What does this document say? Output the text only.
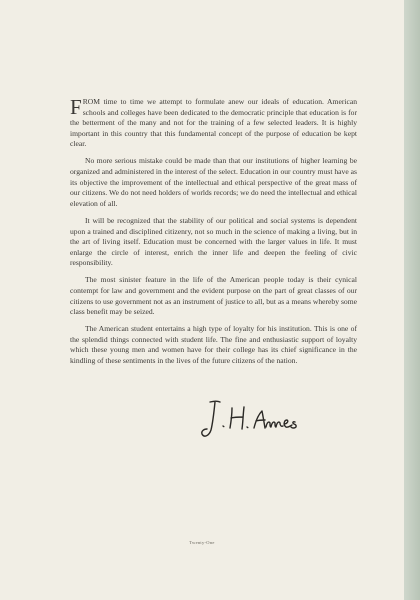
FROM time to time we attempt to formulate anew our ideals of education. American schools and colleges have been dedicated to the democratic principle that education is for the betterment of the many and not for the training of a few selected leaders. It is highly important in this country that this fundamental concept of the purpose of education be kept clear.

No more serious mistake could be made than that our institutions of higher learning be organized and administered in the interest of the select. Education in our country must have as its objective the improvement of the intellectual and ethical perspective of the great mass of our citizens. We do not need holders of worlds records; we do need the intellectual and ethical elevation of all.

It will be recognized that the stability of our political and social systems is dependent upon a trained and disciplined citizenry, not so much in the science of making a living, but in the art of living itself. Education must be concerned with the larger values in life. It must enlarge the circle of interest, enrich the inner life and deepen the feeling of civic responsibility.

The most sinister feature in the life of the American people today is their cynical contempt for law and government and the evident purpose on the part of great classes of our citizens to use government not as an instrument of justice to all, but as a means whereby some class benefit may be seized.

The American student entertains a high type of loyalty for his institution. This is one of the splendid things connected with student life. The fine and enthusiastic support of loyalty which these young men and women have for their college has its chief significance in the kindling of these sentiments in the lives of the future citizens of the nation.

Twenty-One
